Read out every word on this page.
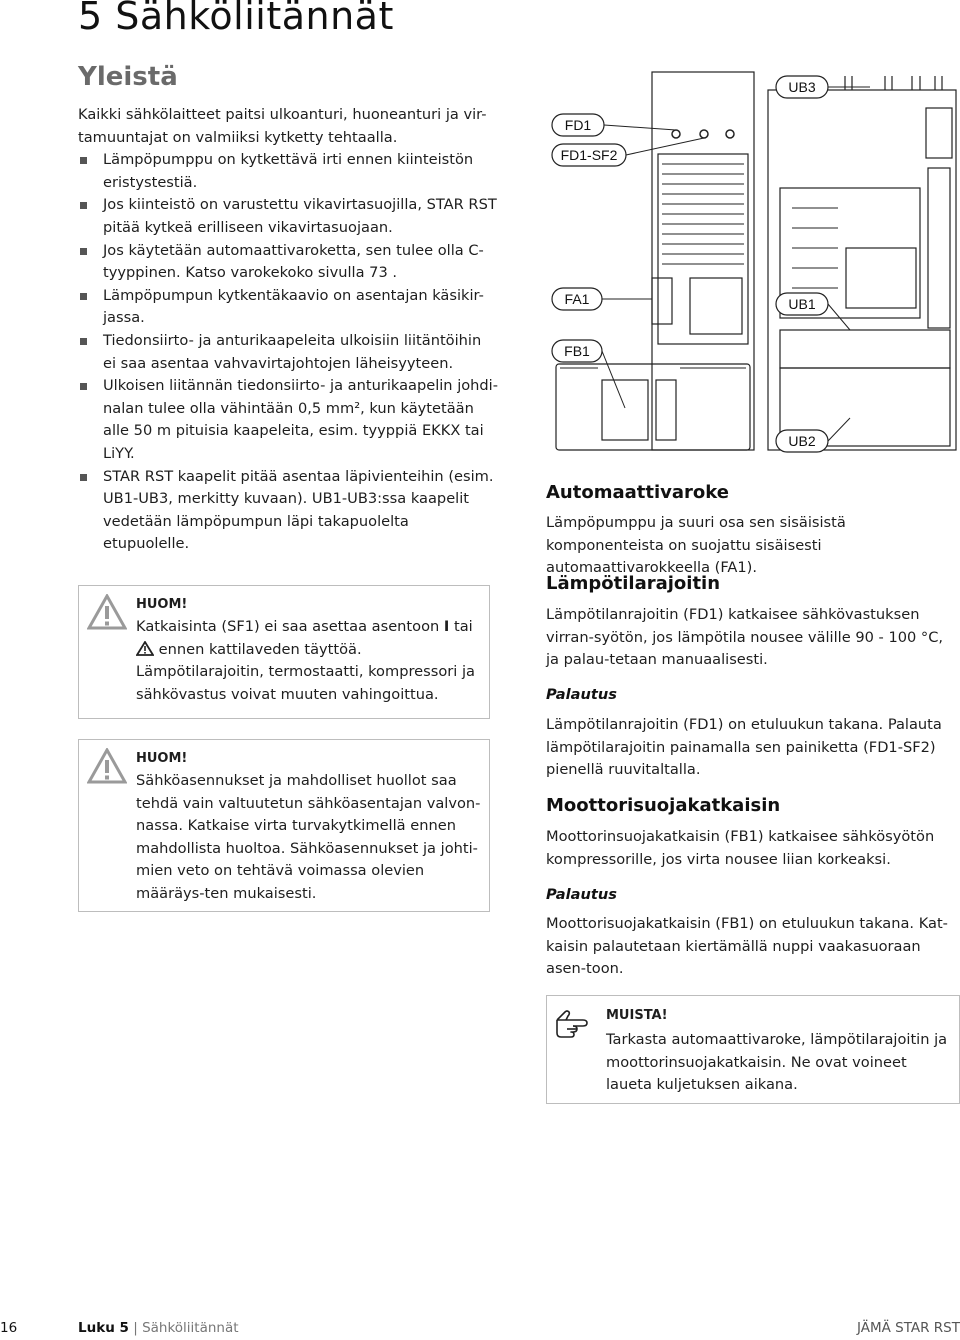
5 Sähköliitännät
Yleistä

Kaikki sähkölaitteet paitsi ulkoanturi, huoneanturi ja vir-tamuuntajat on valmiiksi kytketty tehtaalla.

Lämpöpumppu on kytkettävä irti ennen kiinteistön eristystestiä.
Jos kiinteistö on varustettu vikavirtasuojilla, STAR RST pitää kytkeä erilliseen vikavirtasuojaan.
Jos käytetään automaattivaroketta, sen tulee olla C-tyyppinen. Katso varokekoko sivulla 73 .
Lämpöpumpun kytkentäkaavio on asentajan käsikir-jassa.
Tiedonsiirto- ja anturikaapeleita ulkoisiin liitäntöihin ei saa asentaa vahvavirtajohtojen läheisyyteen.
Ulkoisen liitännän tiedonsiirto- ja anturikaapelin johdi-nalan tulee olla vähintään 0,5 mm², kun käytetään alle 50 m pituisia kaapeleita, esim. tyyppiä EKKX tai LiYY.
STAR RST kaapelit pitää asentaa läpivienteihin (esim. UB1-UB3, merkitty kuvaan). UB1-UB3:ssa kaapelit vedetään lämpöpumpun läpi takapuolelta etupuolelle.
HUOM!
Katkaisinta (SF1) ei saa asettaa asentoon I tai  ennen kattilaveden täyttöä. Lämpötilarajoitin, termostaatti, kompressori ja sähkövastus voivat muuten vahingoittua.
HUOM!
Sähköasennukset ja mahdolliset huollot saa tehdä vain valtuutetun sähköasentajan valvon-nassa. Katkaise virta turvakytkimellä ennen mahdollista huoltoa. Sähköasennukset ja johti-mien veto on tehtävä voimassa olevien määräys-ten mukaisesti.
FD1
FD1-SF2
FA1
FB1
UB3
UB1
UB2
Automaattivaroke
Lämpöpumppu ja suuri osa sen sisäisistä komponenteista on suojattu sisäisesti automaattivarokkeella (FA1).
Lämpötilarajoitin
Lämpötilanrajoitin (FD1) katkaisee sähkövastuksen virran-syötön, jos lämpötila nousee välille 90 - 100 °C, ja palau-tetaan manuaalisesti.
Palautus
Lämpötilanrajoitin (FD1) on etuluukun takana. Palauta lämpötilarajoitin painamalla sen painiketta (FD1-SF2) pienellä ruuvitaltalla.
Moottorisuojakatkaisin
Moottorinsuojakatkaisin (FB1) katkaisee sähkösyötön kompressorille, jos virta nousee liian korkeaksi.
Palautus
Moottorisuojakatkaisin (FB1) on etuluukun takana. Kat-kaisin palautetaan kiertämällä nuppi vaakasuoraan asen-toon.
MUISTA!
Tarkasta automaattivaroke, lämpötilarajoitin ja moottorinsuojakatkaisin. Ne ovat voineet laueta kuljetuksen aikana.
16	Luku 5 | Sähköliitännät	JÄMÄ STAR RST
